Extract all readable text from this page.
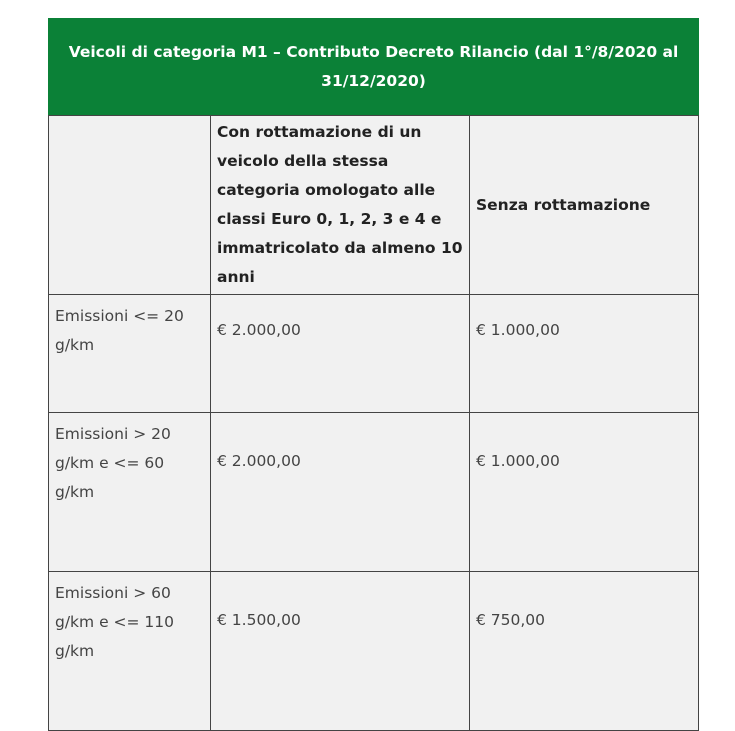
Veicoli di categoria M1 – Contributo Decreto Rilancio (dal 1°/8/2020 al 31/12/2020)		
	Con rottamazione di un veicolo della stessa categoria omologato alle classi Euro 0, 1, 2, 3 e 4 e immatricolato da almeno 10 anni	Senza rottamazione
Emissioni <= 20 g/km	€ 2.000,00	€ 1.000,00
Emissioni > 20 g/km e <= 60 g/km	€ 2.000,00	€ 1.000,00
Emissioni > 60 g/km e <= 110 g/km	€ 1.500,00	€ 750,00
